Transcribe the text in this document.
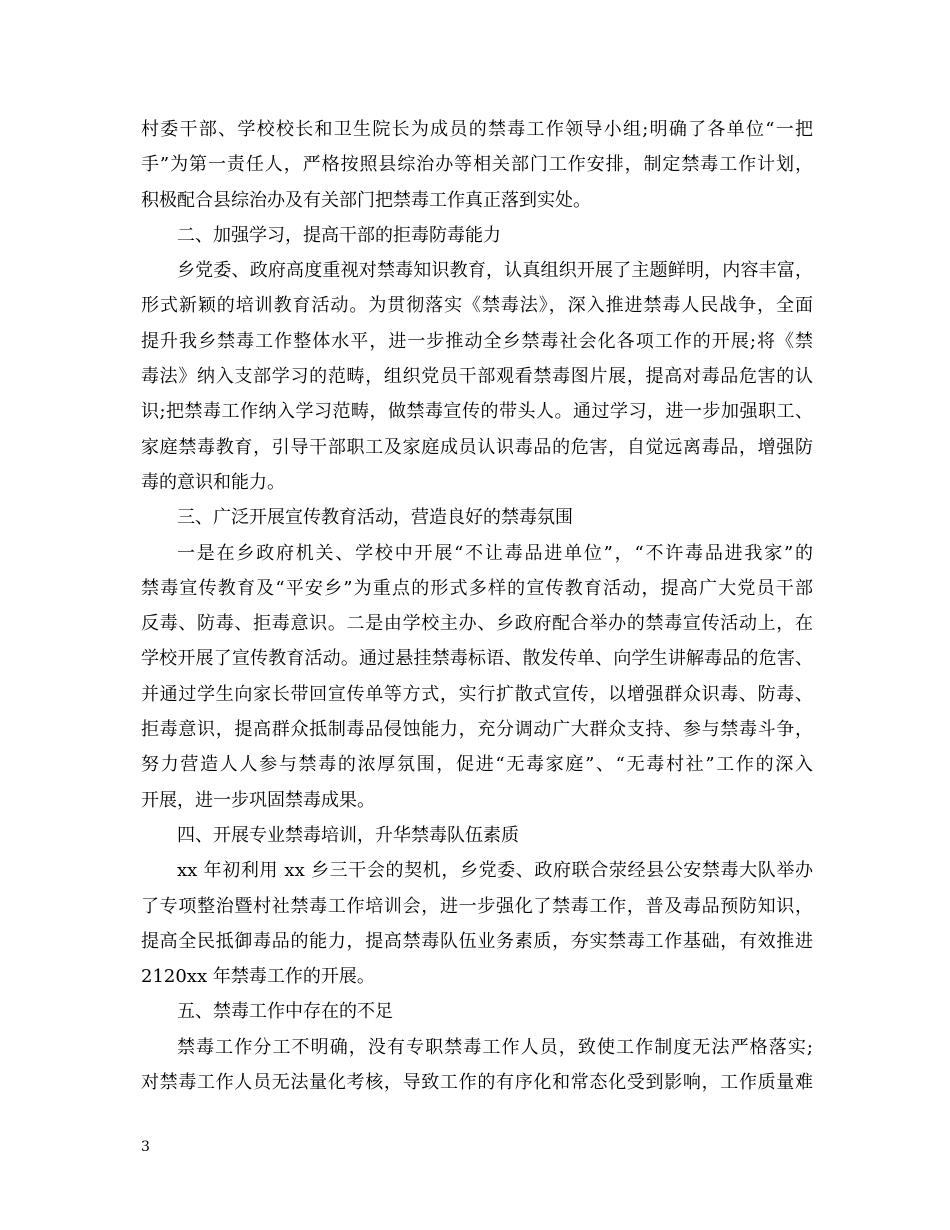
村委干部、学校校长和卫生院长为成员的禁毒工作领导小组;明确了各单位“一把
手”为第一责任人，严格按照县综治办等相关部门工作安排，制定禁毒工作计划，
积极配合县综治办及有关部门把禁毒工作真正落到实处。
二、加强学习，提高干部的拒毒防毒能力
乡党委、政府高度重视对禁毒知识教育，认真组织开展了主题鲜明，内容丰富，
形式新颖的培训教育活动。为贯彻落实《禁毒法》，深入推进禁毒人民战争，全面
提升我乡禁毒工作整体水平，进一步推动全乡禁毒社会化各项工作的开展;将《禁
毒法》纳入支部学习的范畴，组织党员干部观看禁毒图片展，提高对毒品危害的认
识;把禁毒工作纳入学习范畴，做禁毒宣传的带头人。通过学习，进一步加强职工、
家庭禁毒教育，引导干部职工及家庭成员认识毒品的危害，自觉远离毒品，增强防
毒的意识和能力。
三、广泛开展宣传教育活动，营造良好的禁毒氛围
一是在乡政府机关、学校中开展“不让毒品进单位”，“不许毒品进我家”的
禁毒宣传教育及“平安乡”为重点的形式多样的宣传教育活动，提高广大党员干部
反毒、防毒、拒毒意识。二是由学校主办、乡政府配合举办的禁毒宣传活动上，在
学校开展了宣传教育活动。通过悬挂禁毒标语、散发传单、向学生讲解毒品的危害、
并通过学生向家长带回宣传单等方式，实行扩散式宣传，以增强群众识毒、防毒、
拒毒意识，提高群众抵制毒品侵蚀能力，充分调动广大群众支持、参与禁毒斗争，
努力营造人人参与禁毒的浓厚氛围，促进“无毒家庭”、“无毒村社”工作的深入
开展，进一步巩固禁毒成果。
四、开展专业禁毒培训，升华禁毒队伍素质
xx 年初利用 xx 乡三干会的契机，乡党委、政府联合荥经县公安禁毒大队举办
了专项整治暨村社禁毒工作培训会，进一步强化了禁毒工作，普及毒品预防知识，
提高全民抵御毒品的能力，提高禁毒队伍业务素质，夯实禁毒工作基础，有效推进
2120xx 年禁毒工作的开展。
五、禁毒工作中存在的不足
禁毒工作分工不明确，没有专职禁毒工作人员，致使工作制度无法严格落实;
对禁毒工作人员无法量化考核，导致工作的有序化和常态化受到影响，工作质量难
3
